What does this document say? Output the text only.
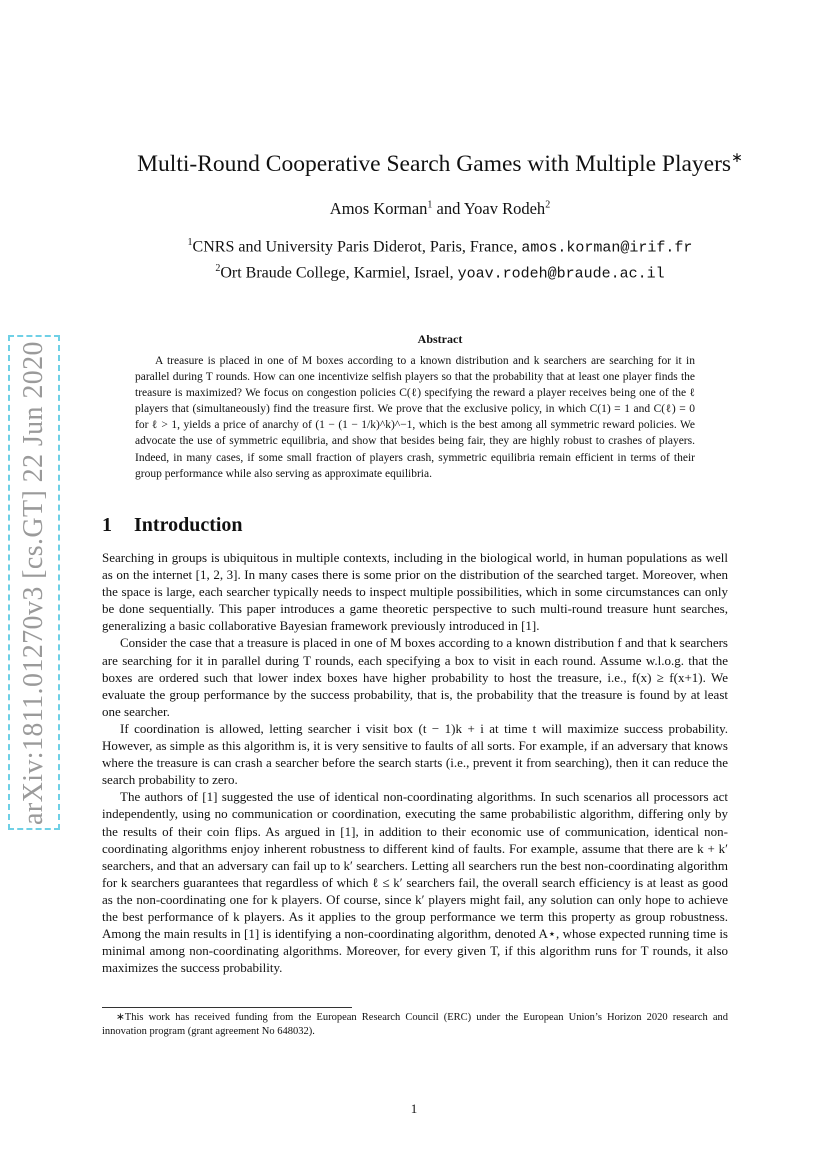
arXiv:1811.01270v3 [cs.GT] 22 Jun 2020
Multi-Round Cooperative Search Games with Multiple Players∗
Amos Korman$^1$ and Yoav Rodeh$^2$
$^1$CNRS and University Paris Diderot, Paris, France, amos.korman@irif.fr
$^2$Ort Braude College, Karmiel, Israel, yoav.rodeh@braude.ac.il
Abstract
A treasure is placed in one of M boxes according to a known distribution and k searchers are searching for it in parallel during T rounds. How can one incentivize selfish players so that the probability that at least one player finds the treasure is maximized? We focus on congestion policies C(ℓ) specifying the reward a player receives being one of the ℓ players that (simultaneously) find the treasure first. We prove that the exclusive policy, in which C(1) = 1 and C(ℓ) = 0 for ℓ > 1, yields a price of anarchy of (1 − (1 − 1/k)^k)^−1, which is the best among all symmetric reward policies. We advocate the use of symmetric equilibria, and show that besides being fair, they are highly robust to crashes of players. Indeed, in many cases, if some small fraction of players crash, symmetric equilibria remain efficient in terms of their group performance while also serving as approximate equilibria.
1 Introduction

Searching in groups is ubiquitous in multiple contexts, including in the biological world, in human populations as well as on the internet [1, 2, 3]. In many cases there is some prior on the distribution of the searched target. Moreover, when the space is large, each searcher typically needs to inspect multiple possibilities, which in some circumstances can only be done sequentially. This paper introduces a game theoretic perspective to such multi-round treasure hunt searches, generalizing a basic collaborative Bayesian framework previously introduced in [1].

Consider the case that a treasure is placed in one of M boxes according to a known distribution f and that k searchers are searching for it in parallel during T rounds, each specifying a box to visit in each round. Assume w.l.o.g. that the boxes are ordered such that lower index boxes have higher probability to host the treasure, i.e., f(x) ≥ f(x+1). We evaluate the group performance by the success probability, that is, the probability that the treasure is found by at least one searcher.

If coordination is allowed, letting searcher i visit box (t − 1)k + i at time t will maximize success probability. However, as simple as this algorithm is, it is very sensitive to faults of all sorts. For example, if an adversary that knows where the treasure is can crash a searcher before the search starts (i.e., prevent it from searching), then it can reduce the search probability to zero.

The authors of [1] suggested the use of identical non-coordinating algorithms. In such scenarios all processors act independently, using no communication or coordination, executing the same probabilistic algorithm, differing only by the results of their coin flips. As argued in [1], in addition to their economic use of communication, identical non-coordinating algorithms enjoy inherent robustness to different kind of faults. For example, assume that there are k + k′ searchers, and that an adversary can fail up to k′ searchers. Letting all searchers run the best non-coordinating algorithm for k searchers guarantees that regardless of which ℓ ≤ k′ searchers fail, the overall search efficiency is at least as good as the non-coordinating one for k players. Of course, since k′ players might fail, any solution can only hope to achieve the best performance of k players. As it applies to the group performance we term this property as group robustness. Among the main results in [1] is identifying a non-coordinating algorithm, denoted A⋆, whose expected running time is minimal among non-coordinating algorithms. Moreover, for every given T, if this algorithm runs for T rounds, it also maximizes the success probability.

∗This work has received funding from the European Research Council (ERC) under the European Union’s Horizon 2020 research and innovation program (grant agreement No 648032).
1
